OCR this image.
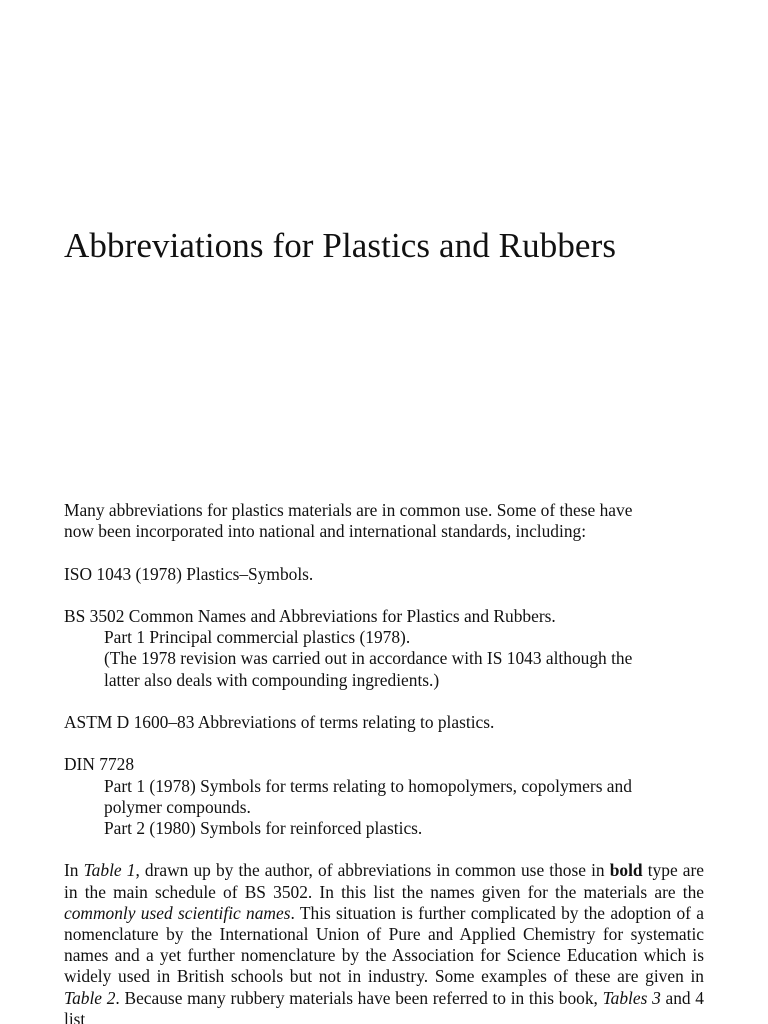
Abbreviations for Plastics and Rubbers

Many abbreviations for plastics materials are in common use. Some of these have

now been incorporated into national and international standards, including:

ISO 1043 (1978) Plastics–Symbols.

BS 3502 Common Names and Abbreviations for Plastics and Rubbers.

Part 1 Principal commercial plastics (1978).

(The 1978 revision was carried out in accordance with IS 1043 although the

latter also deals with compounding ingredients.)

ASTM D 1600–83 Abbreviations of terms relating to plastics.

DIN 7728

Part 1 (1978) Symbols for terms relating to homopolymers, copolymers and

polymer compounds.

Part 2 (1980) Symbols for reinforced plastics.

In Table 1, drawn up by the author, of abbreviations in common use those in bold type are in the main schedule of BS 3502. In this list the names given for the materials are the commonly used scientific names. This situation is further complicated by the adoption of a nomenclature by the International Union of Pure and Applied Chemistry for systematic names and a yet further nomenclature by the Association for Science Education which is widely used in British schools but not in industry. Some examples of these are given in Table 2. Because many rubbery materials have been referred to in this book, Tables 3 and 4 list
